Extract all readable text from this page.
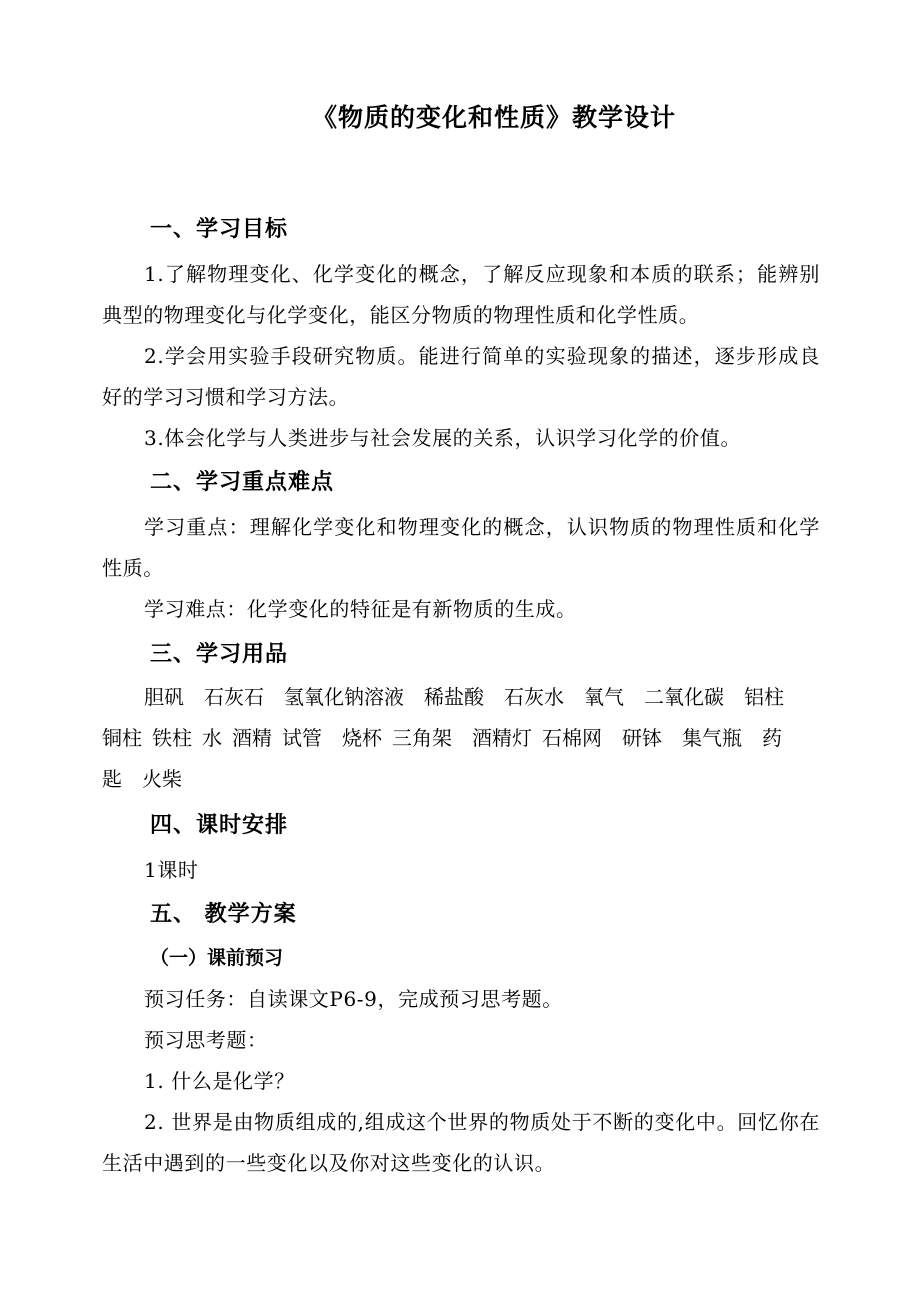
《物质的变化和性质》教学设计
一、学习目标
1.了解物理变化、化学变化的概念，了解反应现象和本质的联系；能辨别典型的物理变化与化学变化，能区分物质的物理性质和化学性质。
2.学会用实验手段研究物质。能进行简单的实验现象的描述，逐步形成良好的学习习惯和学习方法。
3.体会化学与人类进步与社会发展的关系，认识学习化学的价值。
二、学习重点难点
学习重点：理解化学变化和物理变化的概念，认识物质的物理性质和化学性质。
学习难点：化学变化的特征是有新物质的生成。
三、学习用品
胆矾 石灰石 氢氧化钠溶液 稀盐酸 石灰水 氧气 二氧化碳 铝柱
铜柱 铁柱 水 酒精 试管 烧杯 三角架 酒精灯 石棉网 研钵 集气瓶 药
匙 火柴
四、课时安排
1课时
五、 教学方案
（一）课前预习
预习任务：自读课文P6-9，完成预习思考题。
预习思考题：
1. 什么是化学？
2. 世界是由物质组成的,组成这个世界的物质处于不断的变化中。回忆你在生活中遇到的一些变化以及你对这些变化的认识。
